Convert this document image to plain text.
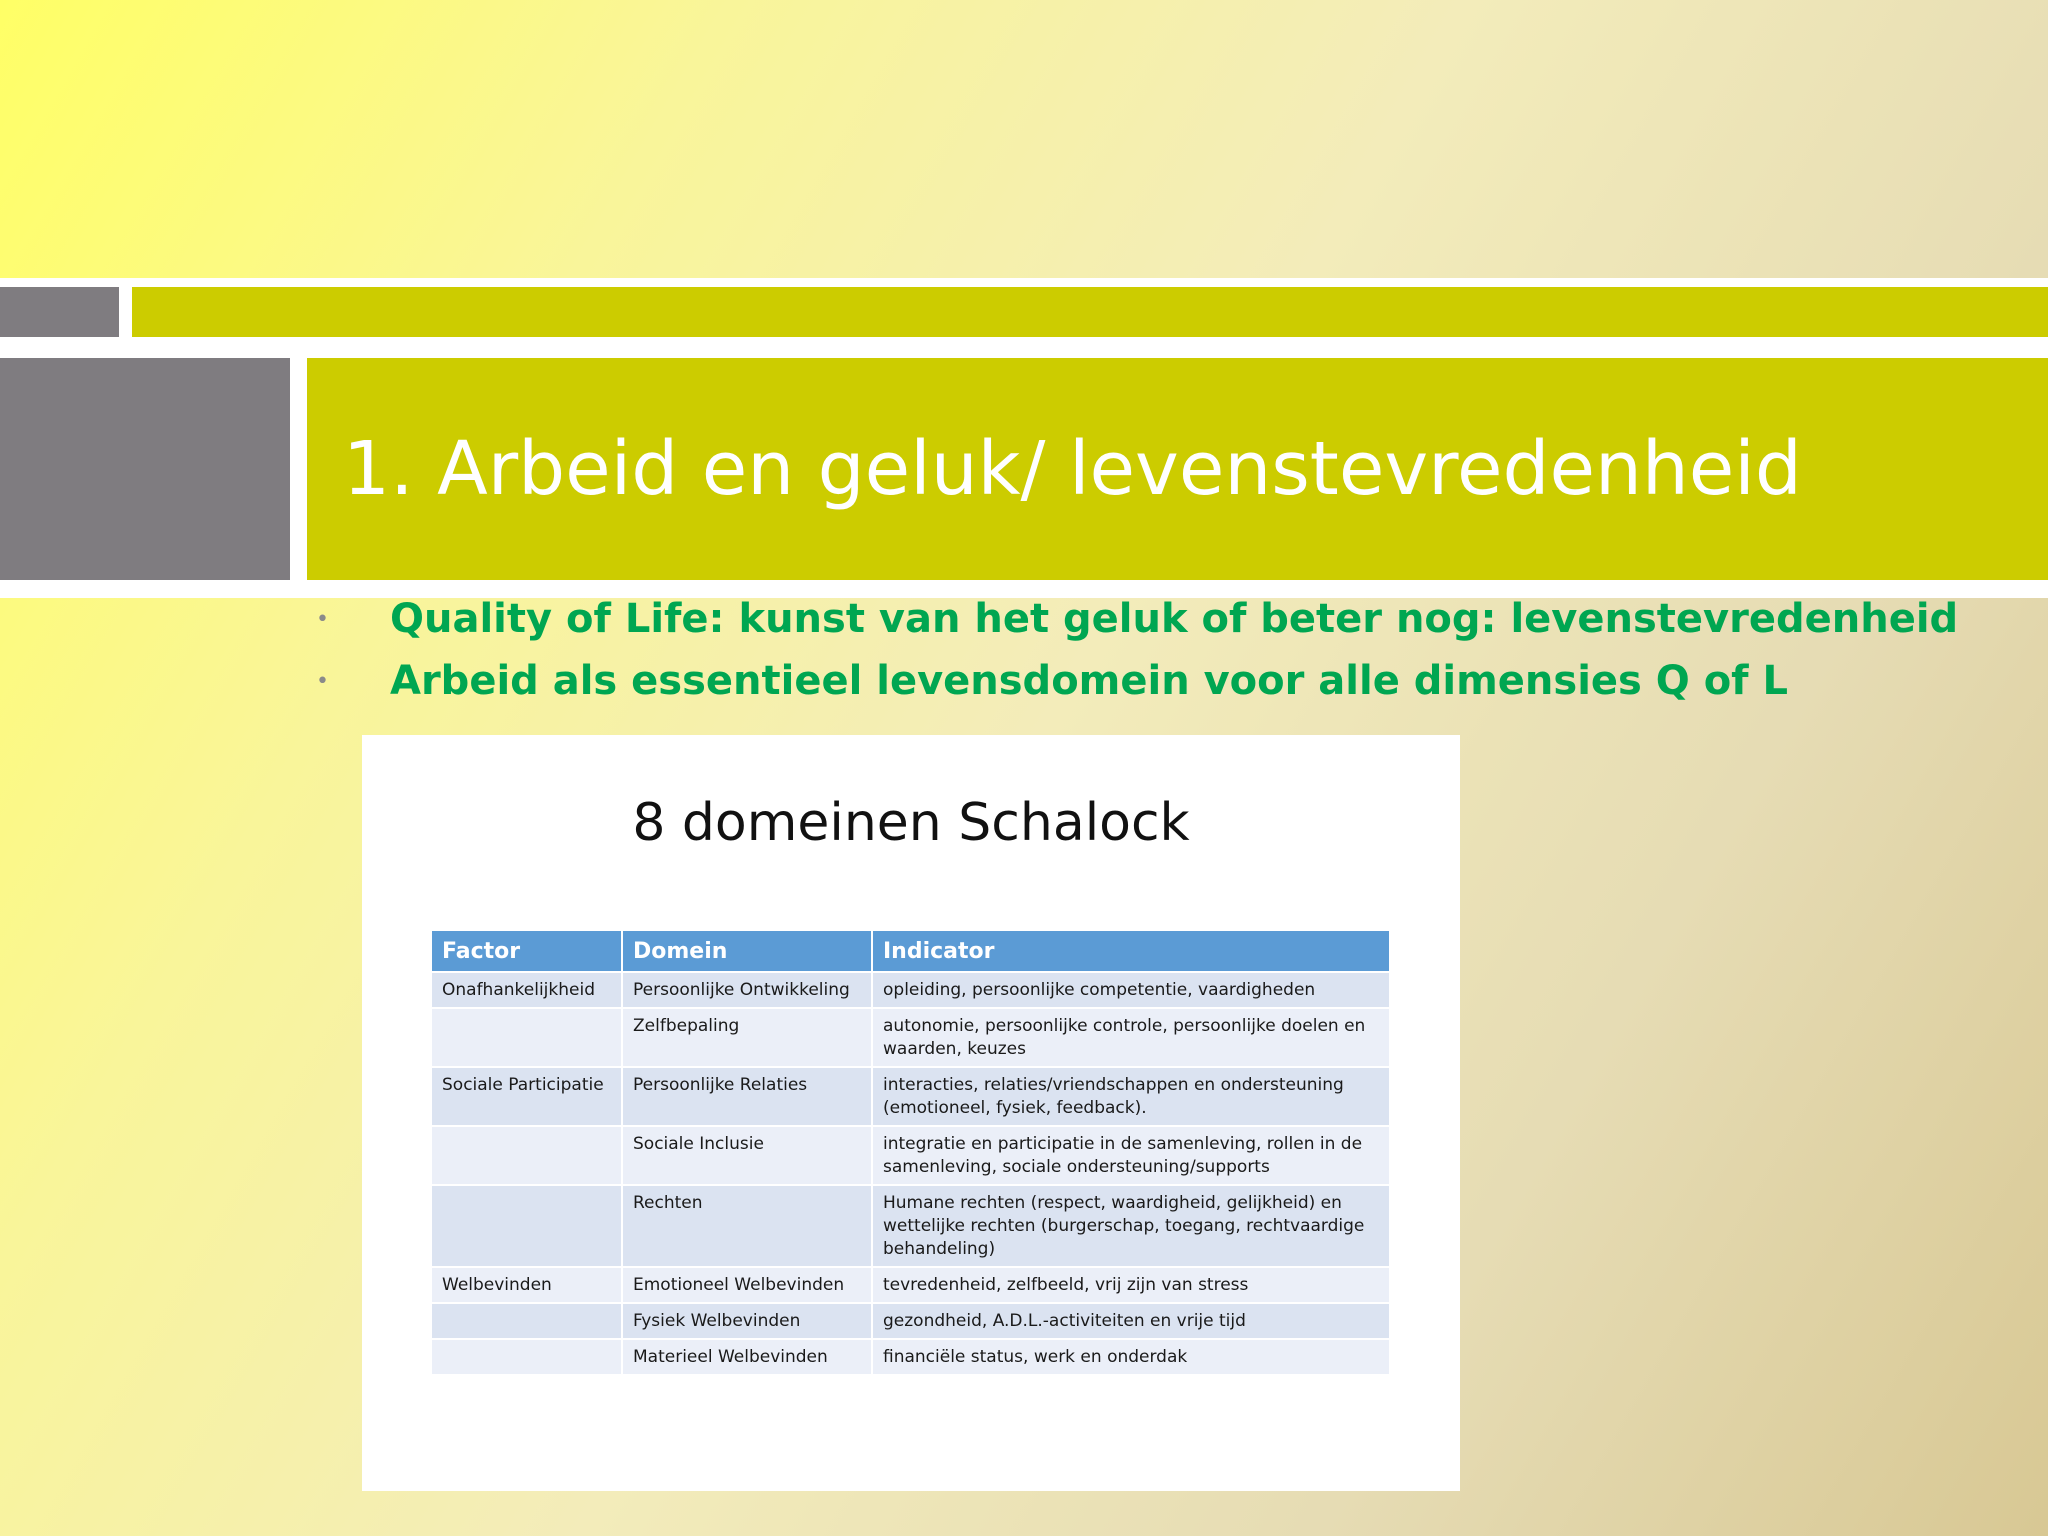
1. Arbeid en geluk/ levenstevredenheid
•	Quality of Life: kunst van het geluk of beter nog: levenstevredenheid
•	Arbeid als essentieel levensdomein voor alle dimensies Q of L
8 domeinen Schalock
Factor	Domein	Indicator
Onafhankelijkheid	Persoonlijke Ontwikkeling	opleiding, persoonlijke competentie, vaardigheden
	Zelfbepaling	autonomie, persoonlijke controle, persoonlijke doelen en waarden, keuzes
Sociale Participatie	Persoonlijke Relaties	interacties, relaties/vriendschappen en ondersteuning (emotioneel, fysiek, feedback).
	Sociale Inclusie	integratie en participatie in de samenleving, rollen in de samenleving, sociale ondersteuning/supports
	Rechten	Humane rechten (respect, waardigheid, gelijkheid) en wettelijke rechten (burgerschap, toegang, rechtvaardige behandeling)
Welbevinden	Emotioneel Welbevinden	tevredenheid, zelfbeeld, vrij zijn van stress
	Fysiek Welbevinden	gezondheid, A.D.L.-activiteiten en vrije tijd
	Materieel Welbevinden	financiële status, werk en onderdak
